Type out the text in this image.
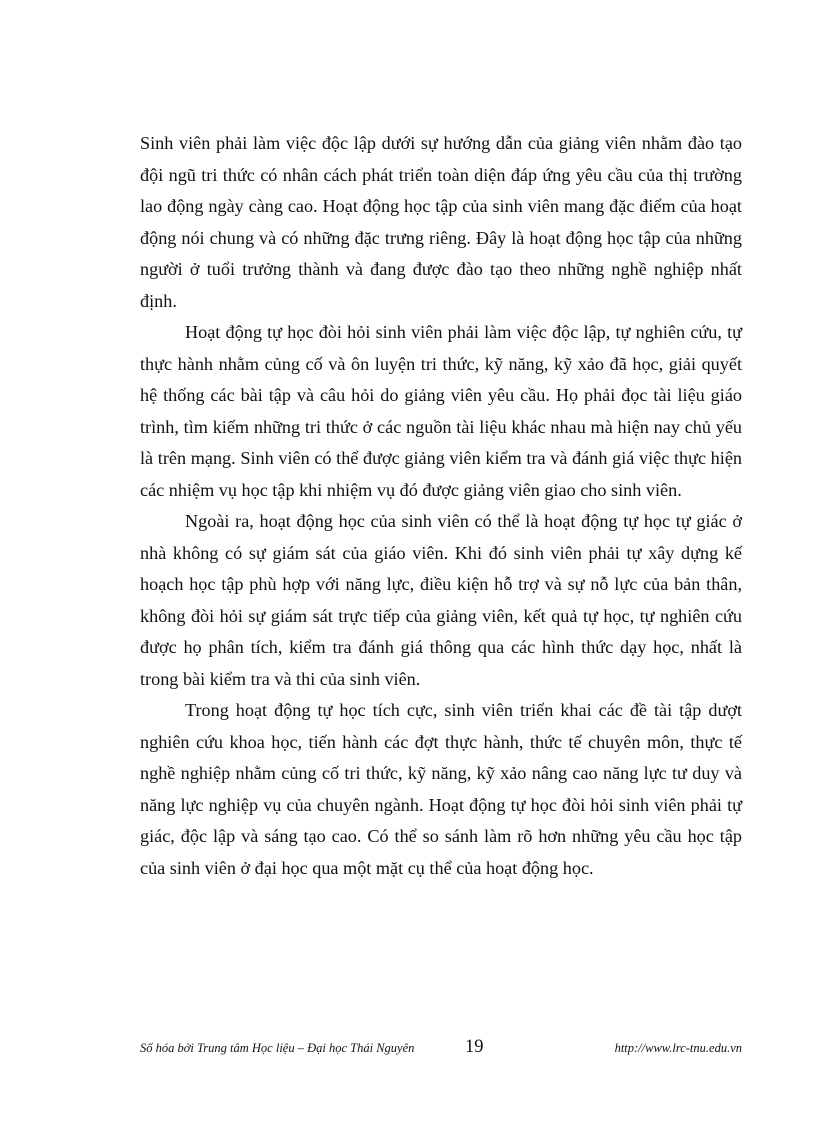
Sinh viên phải làm việc độc lập dưới sự hướng dẫn của giảng viên nhằm đào tạo đội ngũ tri thức có nhân cách phát triển toàn diện đáp ứng yêu cầu của thị trường lao động ngày càng cao. Hoạt động học tập của sinh viên mang đặc điểm của hoạt động nói chung và có những đặc trưng riêng. Đây là hoạt động học tập của những người ở tuổi trưởng thành và đang được đào tạo theo những nghề nghiệp nhất định.

Hoạt động tự học đòi hỏi sinh viên phải làm việc độc lập, tự nghiên cứu, tự thực hành nhằm củng cố và ôn luyện tri thức, kỹ năng, kỹ xảo đã học, giải quyết hệ thống các bài tập và câu hỏi do giảng viên yêu cầu. Họ phải đọc tài liệu giáo trình, tìm kiếm những tri thức ở các nguồn tài liệu khác nhau mà hiện nay chủ yếu là trên mạng. Sinh viên có thể được giảng viên kiểm tra và đánh giá việc thực hiện các nhiệm vụ học tập khi nhiệm vụ đó được giảng viên giao cho sinh viên.

Ngoài ra, hoạt động học của sinh viên có thể là hoạt động tự học tự giác ở nhà không có sự giám sát của giáo viên. Khi đó sinh viên phải tự xây dựng kế hoạch học tập phù hợp với năng lực, điều kiện hỗ trợ và sự nỗ lực của bản thân, không đòi hỏi sự giám sát trực tiếp của giảng viên, kết quả tự học, tự nghiên cứu được họ phân tích, kiểm tra đánh giá thông qua các hình thức dạy học, nhất là trong bài kiểm tra và thi của sinh viên.

Trong hoạt động tự học tích cực, sinh viên triển khai các đề tài tập dượt nghiên cứu khoa học, tiến hành các đợt thực hành, thức tế chuyên môn, thực tế nghề nghiệp nhằm củng cố tri thức, kỹ năng, kỹ xảo nâng cao năng lực tư duy và năng lực nghiệp vụ của chuyên ngành. Hoạt động tự học đòi hỏi sinh viên phải tự giác, độc lập và sáng tạo cao. Có thể so sánh làm rõ hơn những yêu cầu học tập của sinh viên ở đại học qua một mặt cụ thể của hoạt động học.

Số hóa bởi Trung tâm Học liệu – Đại học Thái Nguyên	19	http://www.lrc-tnu.edu.vn
